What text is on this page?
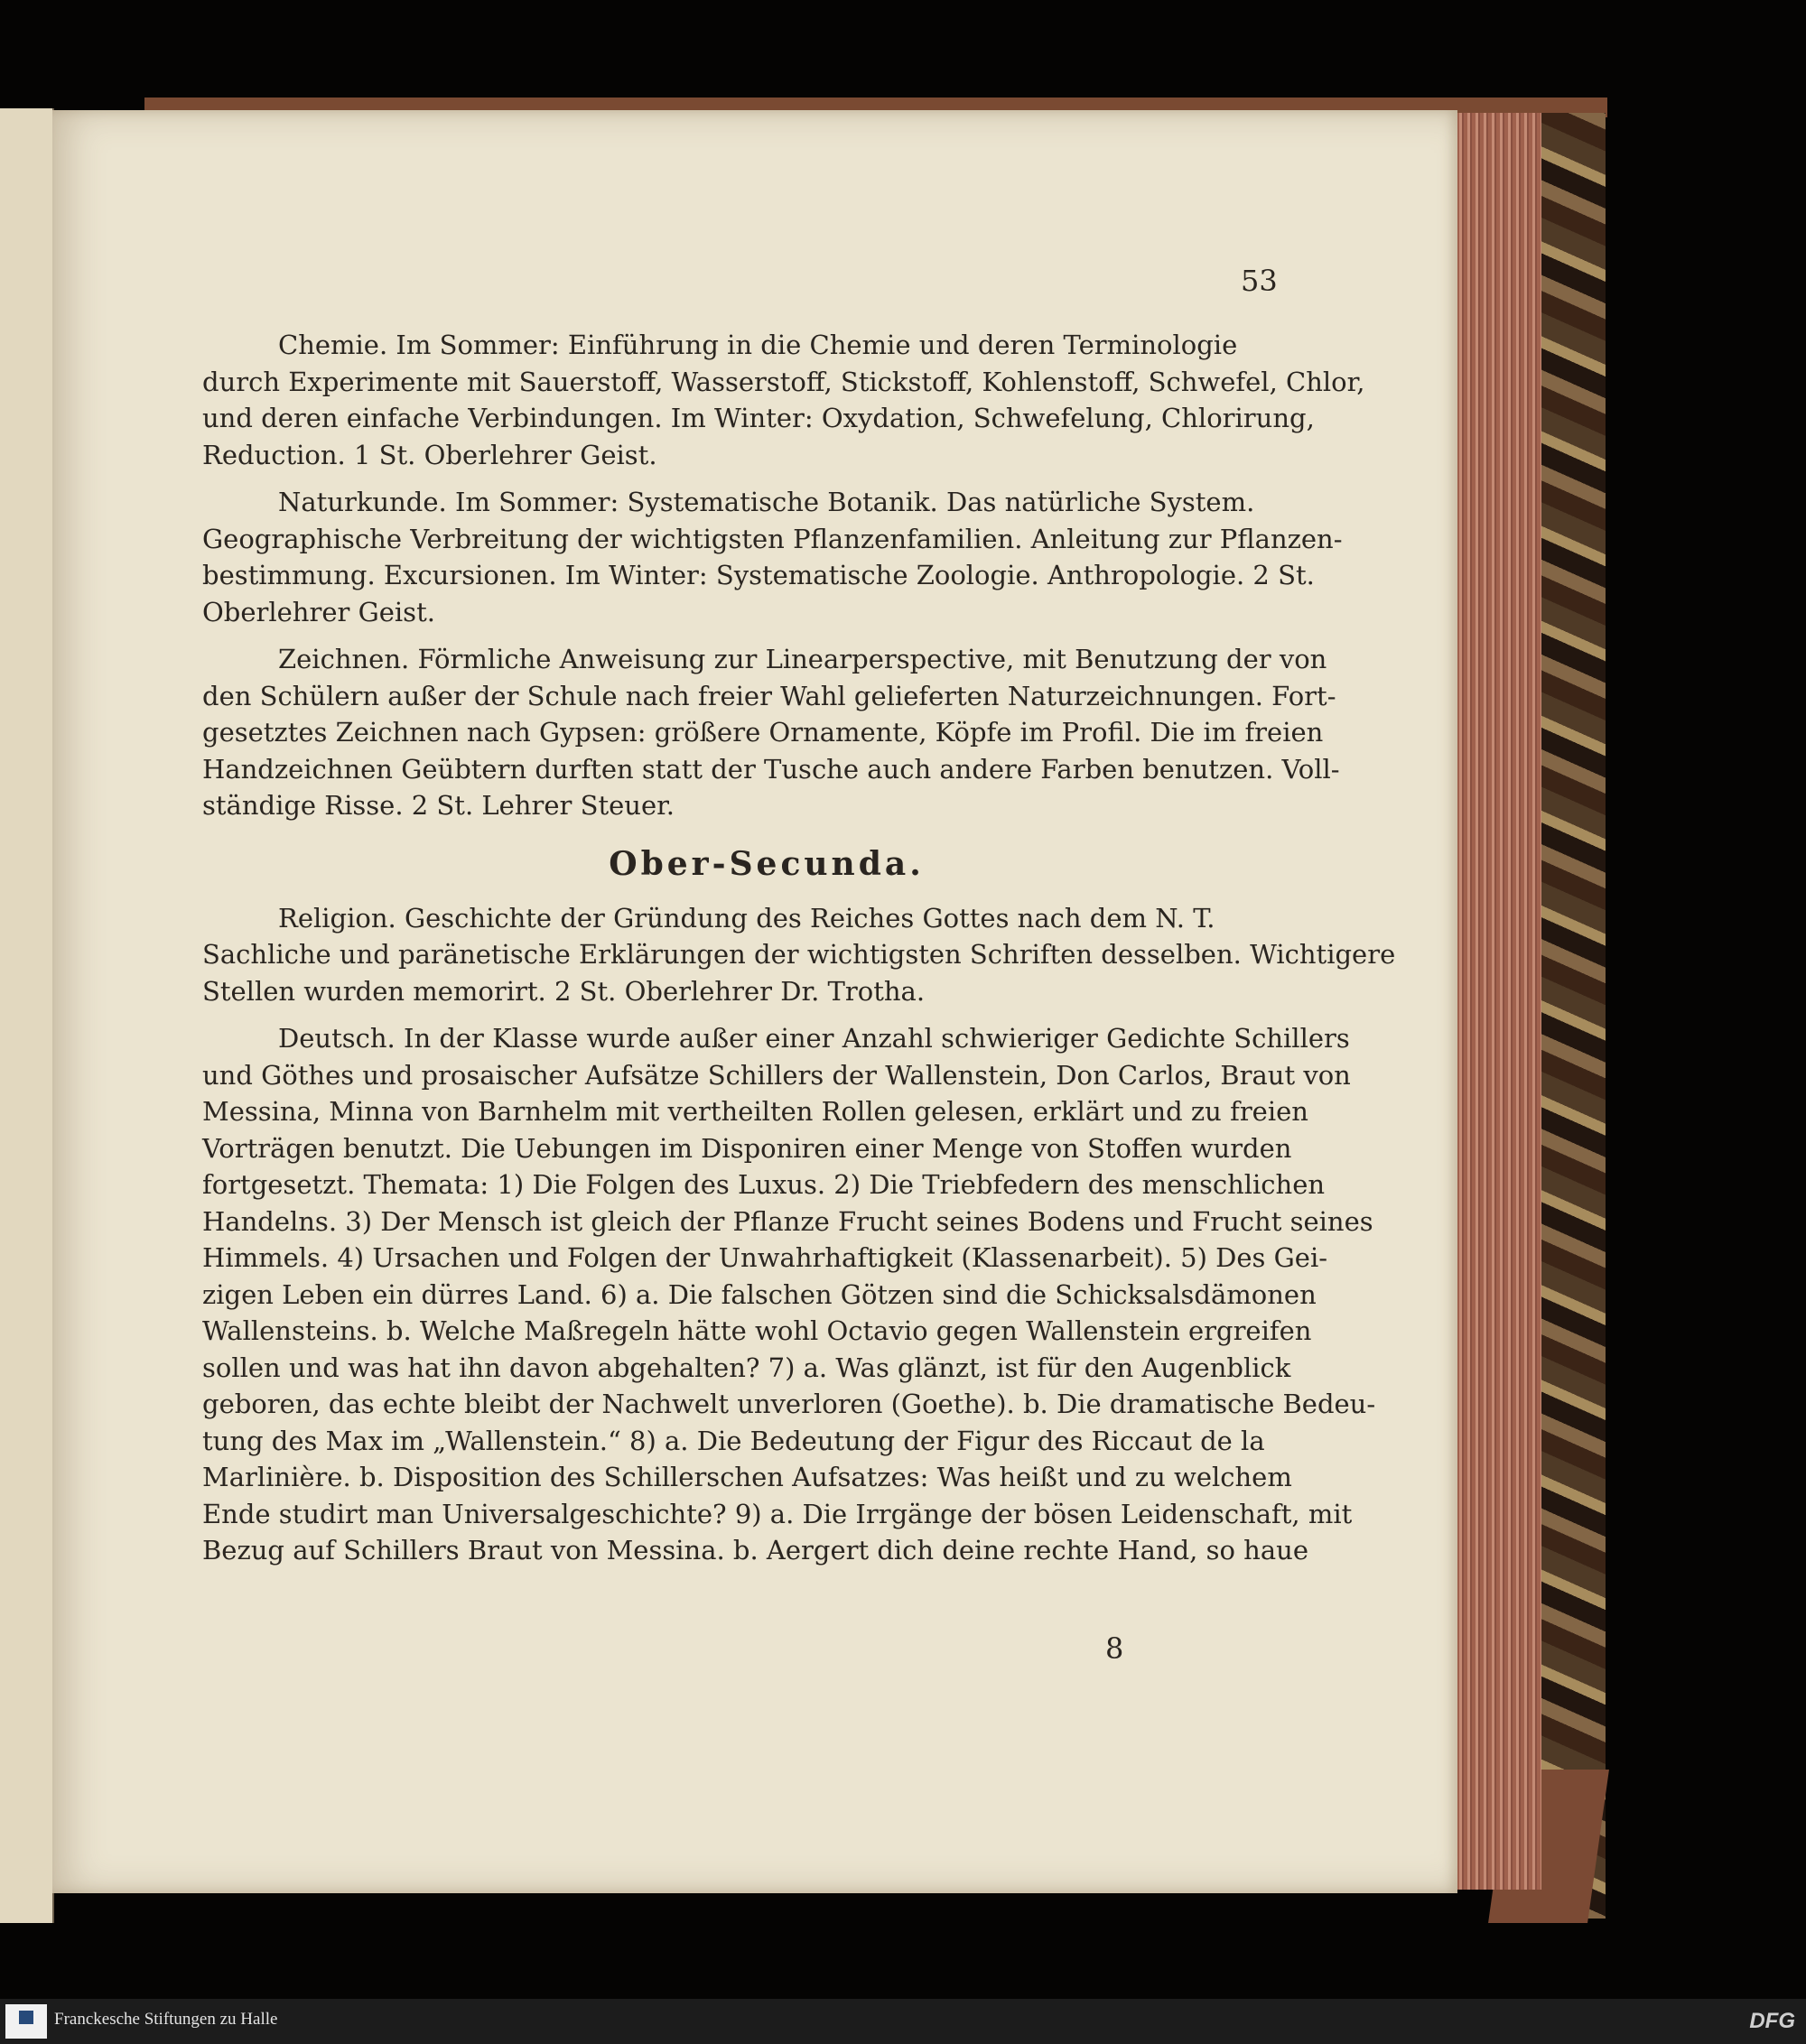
53

Chemie. Im Sommer: Einführung in die Chemie und deren Terminologie
durch Experimente mit Sauerstoff, Wasserstoff, Stickstoff, Kohlenstoff, Schwefel, Chlor,
und deren einfache Verbindungen. Im Winter: Oxydation, Schwefelung, Chlorirung,
Reduction. 1 St. Oberlehrer Geist.

Naturkunde. Im Sommer: Systematische Botanik. Das natürliche System.
Geographische Verbreitung der wichtigsten Pflanzenfamilien. Anleitung zur Pflanzen-
bestimmung. Excursionen. Im Winter: Systematische Zoologie. Anthropologie. 2 St.
Oberlehrer Geist.

Zeichnen. Förmliche Anweisung zur Linearperspective, mit Benutzung der von
den Schülern außer der Schule nach freier Wahl gelieferten Naturzeichnungen. Fort-
gesetztes Zeichnen nach Gypsen: größere Ornamente, Köpfe im Profil. Die im freien
Handzeichnen Geübtern durften statt der Tusche auch andere Farben benutzen. Voll-
ständige Risse. 2 St. Lehrer Steuer.

Ober-Secunda.

Religion. Geschichte der Gründung des Reiches Gottes nach dem N. T.
Sachliche und paränetische Erklärungen der wichtigsten Schriften desselben. Wichtigere
Stellen wurden memorirt. 2 St. Oberlehrer Dr. Trotha.

Deutsch. In der Klasse wurde außer einer Anzahl schwieriger Gedichte Schillers
und Göthes und prosaischer Aufsätze Schillers der Wallenstein, Don Carlos, Braut von
Messina, Minna von Barnhelm mit vertheilten Rollen gelesen, erklärt und zu freien
Vorträgen benutzt. Die Uebungen im Disponiren einer Menge von Stoffen wurden
fortgesetzt. Themata: 1) Die Folgen des Luxus. 2) Die Triebfedern des menschlichen
Handelns. 3) Der Mensch ist gleich der Pflanze Frucht seines Bodens und Frucht seines
Himmels. 4) Ursachen und Folgen der Unwahrhaftigkeit (Klassenarbeit). 5) Des Gei-
zigen Leben ein dürres Land. 6) a. Die falschen Götzen sind die Schicksalsdämonen
Wallensteins. b. Welche Maßregeln hätte wohl Octavio gegen Wallenstein ergreifen
sollen und was hat ihn davon abgehalten? 7) a. Was glänzt, ist für den Augenblick
geboren, das echte bleibt der Nachwelt unverloren (Goethe). b. Die dramatische Bedeu-
tung des Max im „Wallenstein.“ 8) a. Die Bedeutung der Figur des Riccaut de la
Marlinière. b. Disposition des Schillerschen Aufsatzes: Was heißt und zu welchem
Ende studirt man Universalgeschichte? 9) a. Die Irrgänge der bösen Leidenschaft, mit
Bezug auf Schillers Braut von Messina. b. Aergert dich deine rechte Hand, so haue

8

Franckesche Stiftungen zu Halle	DFG
